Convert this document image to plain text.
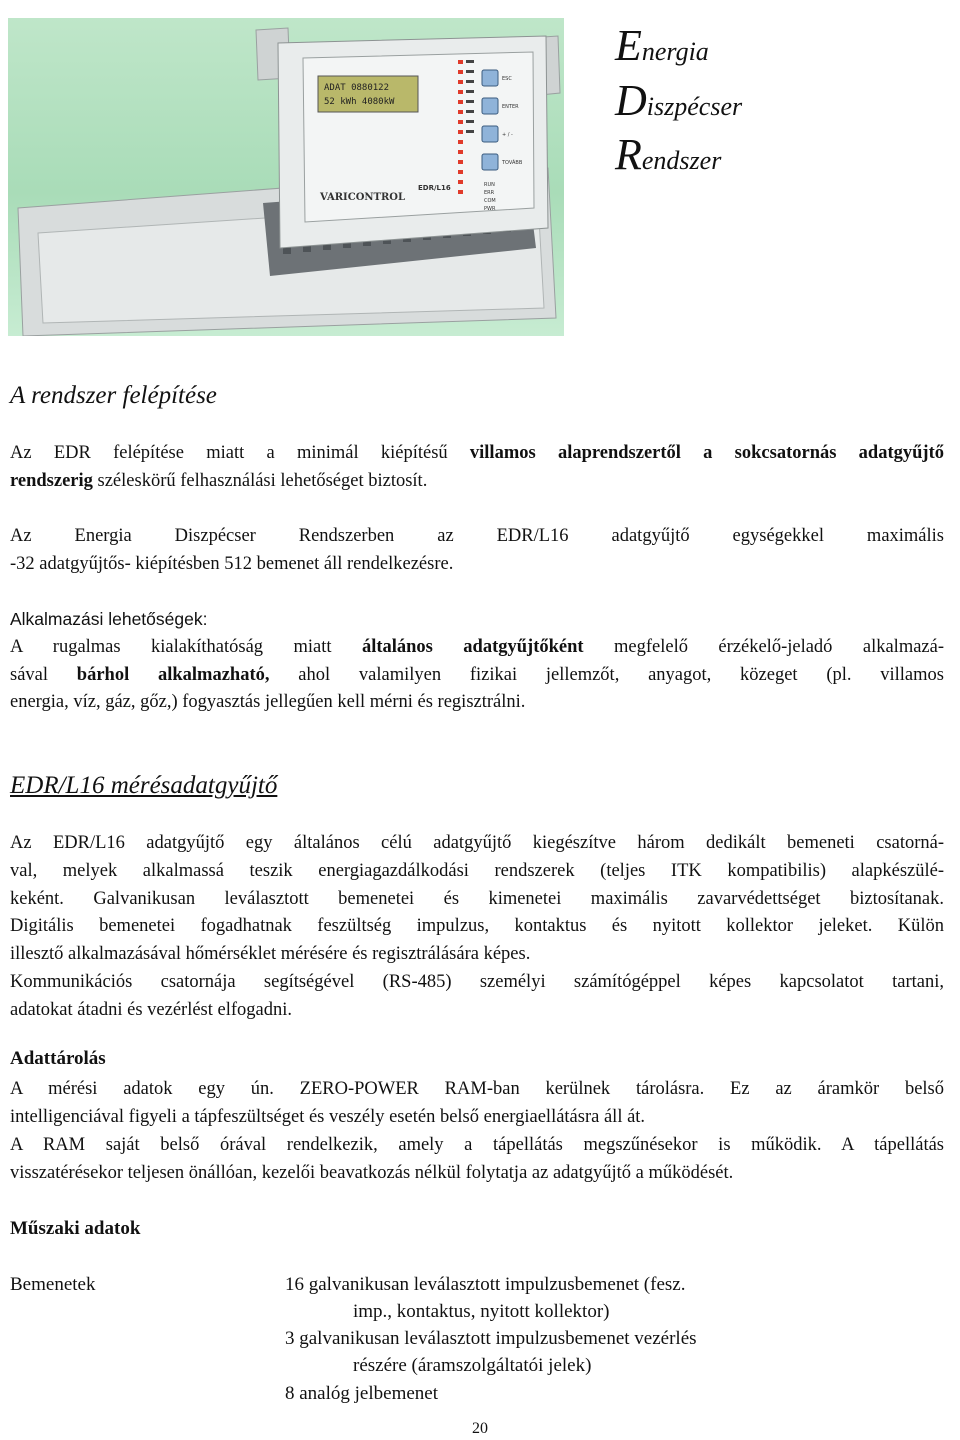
ADAT 0880122
52 kWh 4080kW
ESC
ENTER
+ / -
TOVÁBB
RUN
ERR
COM
PWR
VARICONTROL
EDR/L16
Energia
Diszpécser
Rendszer
A rendszer felépítése
Az EDR felépítése miatt a minimál kiépítésű villamos alaprendszertől a sokcsatornás adatgyűjtő
rendszerig széleskörű felhasználási lehetőséget biztosít.
Az Energia Diszpécser Rendszerben az EDR/L16 adatgyűjtő egységekkel maximális
-32 adatgyűjtős- kiépítésben 512 bemenet áll rendelkezésre.
Alkalmazási lehetőségek:
A rugalmas kialakíthatóság miatt általános adatgyűjtőként megfelelő érzékelő-jeladó alkalmazá-
sával bárhol alkalmazható, ahol valamilyen fizikai jellemzőt, anyagot, közeget (pl. villamos
energia, víz, gáz, gőz,) fogyasztás jellegűen kell mérni és regisztrálni.
EDR/L16 mérésadatgyűjtő
Az EDR/L16 adatgyűjtő egy általános célú adatgyűjtő kiegészítve három dedikált bemeneti csatorná-
val, melyek alkalmassá teszik energiagazdálkodási rendszerek (teljes ITK kompatibilis) alapkészülé-
keként. Galvanikusan leválasztott bemenetei és kimenetei maximális zavarvédettséget biztosítanak.
Digitális bemenetei fogadhatnak feszültség impulzus, kontaktus és nyitott kollektor jeleket. Külön
illesztő alkalmazásával hőmérséklet mérésére és regisztrálására képes.
Kommunikációs csatornája segítségével (RS-485) személyi számítógéppel képes kapcsolatot tartani,
adatokat átadni és vezérlést elfogadni.
Adattárolás
A mérési adatok egy ún. ZERO-POWER RAM-ban kerülnek tárolásra. Ez az áramkör belső
intelligenciával figyeli a tápfeszültséget és veszély esetén belső energiaellátásra áll át.
A RAM saját belső órával rendelkezik, amely a tápellátás megszűnésekor is működik. A tápellátás
visszatérésekor teljesen önállóan, kezelői beavatkozás nélkül folytatja az adatgyűjtő a működését.
Műszaki adatok
Bemenetek	16 galvanikusan leválasztott impulzusbemenet (fesz.
imp., kontaktus, nyitott kollektor)
3 galvanikusan leválasztott impulzusbemenet vezérlés
részére (áramszolgáltatói jelek)
8 analóg jelbemenet
20
